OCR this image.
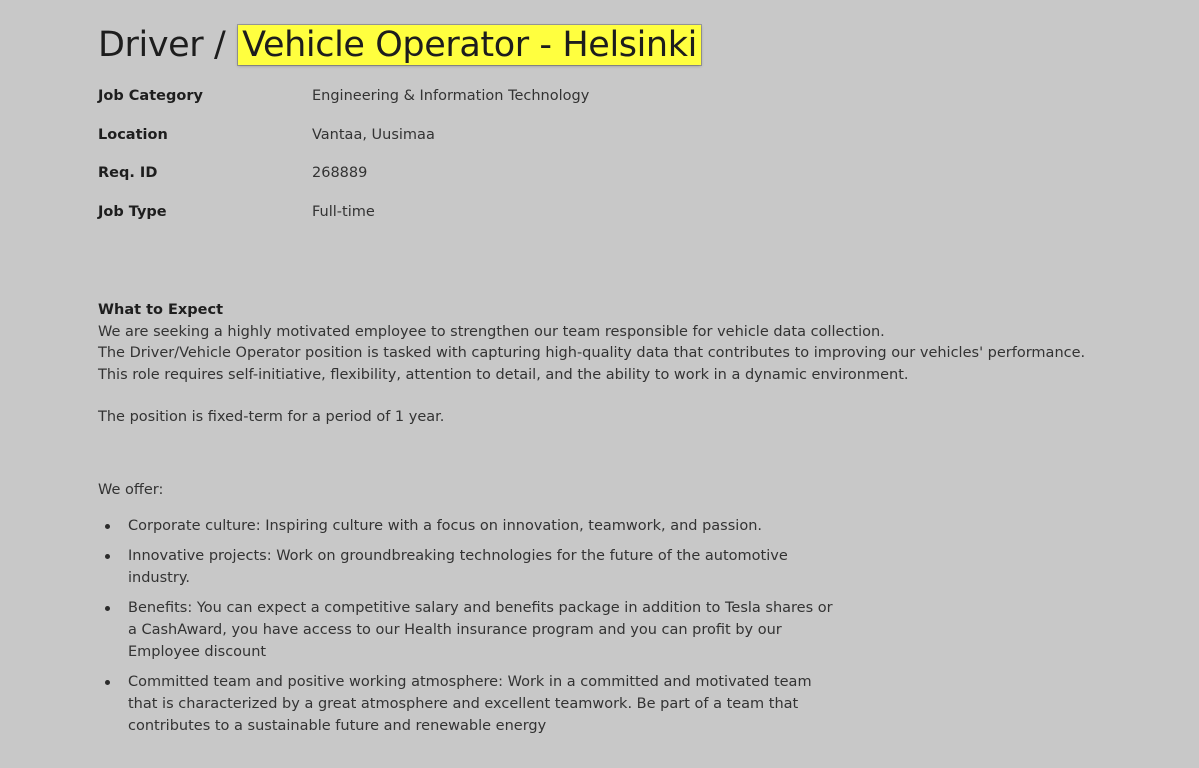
Driver / Vehicle Operator - Helsinki
Job Category	Engineering & Information Technology
Location	Vantaa, Uusimaa
Req. ID	268889
Job Type	Full-time

What to Expect

We are seeking a highly motivated employee to strengthen our team responsible for vehicle data collection.

The Driver/Vehicle Operator position is tasked with capturing high-quality data that contributes to improving our vehicles' performance. This role requires self-initiative, flexibility, attention to detail, and the ability to work in a dynamic environment.

The position is fixed-term for a period of 1 year.

We offer:
Corporate culture: Inspiring culture with a focus on innovation, teamwork, and passion.
Innovative projects: Work on groundbreaking technologies for the future of the automotive industry.
Benefits: You can expect a competitive salary and benefits package in addition to Tesla shares or a CashAward, you have access to our Health insurance program and you can profit by our Employee discount
Committed team and positive working atmosphere: Work in a committed and motivated team that is characterized by a great atmosphere and excellent teamwork. Be part of a team that contributes to a sustainable future and renewable energy
